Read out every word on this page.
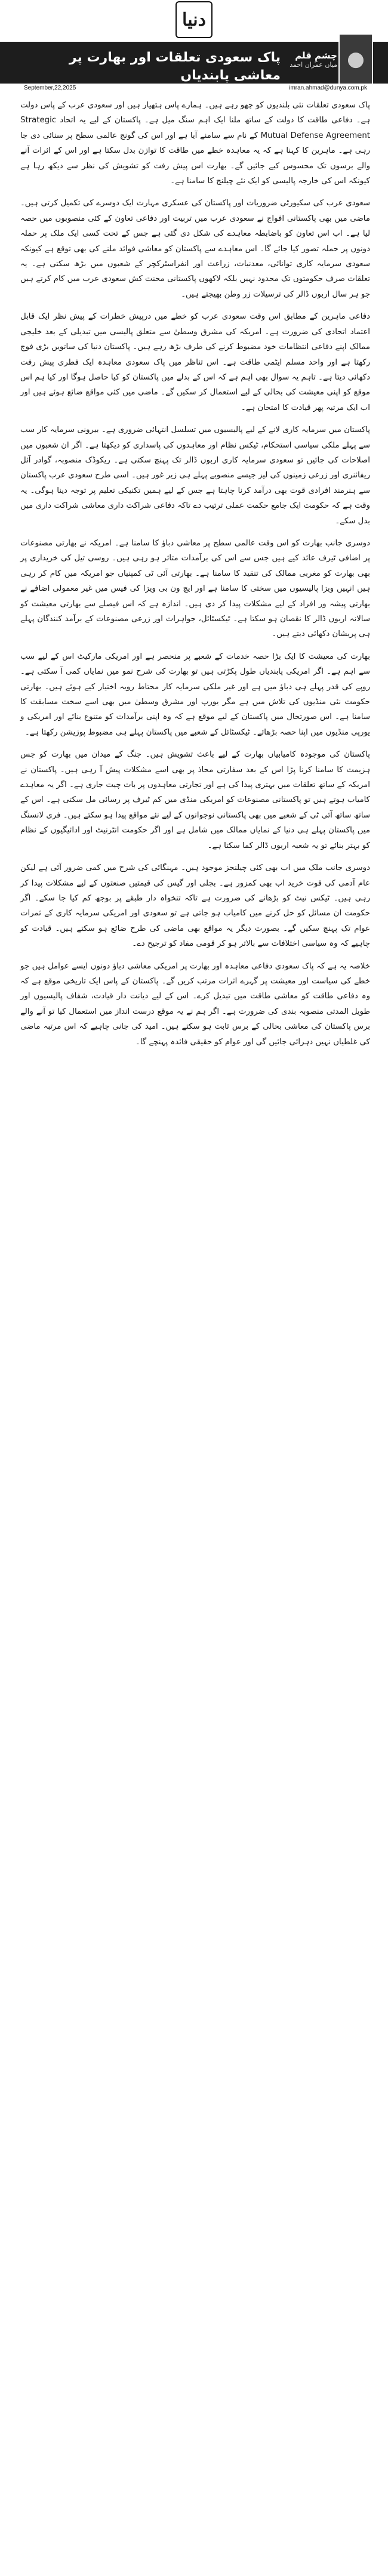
دنیا
پاک سعودی تعلقات اور بھارت پر معاشی پابندیاں
چشمِ قلم
میاں عمران احمد ●
September,22,2025	imran.ahmad@dunya.com.pk

پاک سعودی تعلقات نئی بلندیوں کو چھو رہے ہیں۔ ہمارے پاس ہتھیار ہیں اور سعودی عرب کے پاس دولت ہے۔ دفاعی طاقت کا دولت کے ساتھ ملنا ایک اہم سنگ میل ہے۔ پاکستان کے لیے یہ اتحاد Strategic Mutual Defense Agreement کے نام سے سامنے آیا ہے اور اس کی گونج عالمی سطح پر سنائی دی جا رہی ہے۔ ماہرین کا کہنا ہے کہ یہ معاہدہ خطے میں طاقت کا توازن بدل سکتا ہے اور اس کے اثرات آنے والے برسوں تک محسوس کیے جائیں گے۔ بھارت اس پیش رفت کو تشویش کی نظر سے دیکھ رہا ہے کیونکہ اس کی خارجہ پالیسی کو ایک نئے چیلنج کا سامنا ہے۔

سعودی عرب کی سکیورٹی ضروریات اور پاکستان کی عسکری مہارت ایک دوسرے کی تکمیل کرتی ہیں۔ ماضی میں بھی پاکستانی افواج نے سعودی عرب میں تربیت اور دفاعی تعاون کے کئی منصوبوں میں حصہ لیا ہے۔ اب اس تعاون کو باضابطہ معاہدے کی شکل دی گئی ہے جس کے تحت کسی ایک ملک پر حملہ دونوں پر حملہ تصور کیا جائے گا۔ اس معاہدے سے پاکستان کو معاشی فوائد ملنے کی بھی توقع ہے کیونکہ سعودی سرمایہ کاری توانائی، معدنیات، زراعت اور انفراسٹرکچر کے شعبوں میں بڑھ سکتی ہے۔ یہ تعلقات صرف حکومتوں تک محدود نہیں بلکہ لاکھوں پاکستانی محنت کش سعودی عرب میں کام کرتے ہیں جو ہر سال اربوں ڈالر کی ترسیلات زر وطن بھیجتے ہیں۔

دفاعی ماہرین کے مطابق اس وقت سعودی عرب کو خطے میں درپیش خطرات کے پیش نظر ایک قابل اعتماد اتحادی کی ضرورت ہے۔ امریکہ کی مشرق وسطیٰ سے متعلق پالیسی میں تبدیلی کے بعد خلیجی ممالک اپنے دفاعی انتظامات خود مضبوط کرنے کی طرف بڑھ رہے ہیں۔ پاکستان دنیا کی ساتویں بڑی فوج رکھتا ہے اور واحد مسلم ایٹمی طاقت ہے۔ اس تناظر میں پاک سعودی معاہدہ ایک فطری پیش رفت دکھائی دیتا ہے۔ تاہم یہ سوال بھی اہم ہے کہ اس کے بدلے میں پاکستان کو کیا حاصل ہوگا اور کیا ہم اس موقع کو اپنی معیشت کی بحالی کے لیے استعمال کر سکیں گے۔ ماضی میں کئی مواقع ضائع ہوئے ہیں اور اب ایک مرتبہ پھر قیادت کا امتحان ہے۔

پاکستان میں سرمایہ کاری لانے کے لیے پالیسیوں میں تسلسل انتہائی ضروری ہے۔ بیرونی سرمایہ کار سب سے پہلے ملکی سیاسی استحکام، ٹیکس نظام اور معاہدوں کی پاسداری کو دیکھتا ہے۔ اگر ان شعبوں میں اصلاحات کی جائیں تو سعودی سرمایہ کاری اربوں ڈالر تک پہنچ سکتی ہے۔ ریکوڈک منصوبہ، گوادر آئل ریفائنری اور زرعی زمینوں کی لیز جیسے منصوبے پہلے ہی زیر غور ہیں۔ اسی طرح سعودی عرب پاکستان سے ہنرمند افرادی قوت بھی درآمد کرنا چاہتا ہے جس کے لیے ہمیں تکنیکی تعلیم پر توجہ دینا ہوگی۔ یہ وقت ہے کہ حکومت ایک جامع حکمت عملی ترتیب دے تاکہ دفاعی شراکت داری معاشی شراکت داری میں بدل سکے۔

دوسری جانب بھارت کو اس وقت عالمی سطح پر معاشی دباؤ کا سامنا ہے۔ امریکہ نے بھارتی مصنوعات پر اضافی ٹیرف عائد کیے ہیں جس سے اس کی برآمدات متاثر ہو رہی ہیں۔ روسی تیل کی خریداری پر بھی بھارت کو مغربی ممالک کی تنقید کا سامنا ہے۔ بھارتی آئی ٹی کمپنیاں جو امریکہ میں کام کر رہی ہیں انہیں ویزا پالیسیوں میں سختی کا سامنا ہے اور ایچ ون بی ویزا کی فیس میں غیر معمولی اضافے نے بھارتی پیشہ ور افراد کے لیے مشکلات پیدا کر دی ہیں۔ اندازہ ہے کہ اس فیصلے سے بھارتی معیشت کو سالانہ اربوں ڈالر کا نقصان ہو سکتا ہے۔ ٹیکسٹائل، جواہرات اور زرعی مصنوعات کے برآمد کنندگان پہلے ہی پریشان دکھائی دیتے ہیں۔

بھارت کی معیشت کا ایک بڑا حصہ خدمات کے شعبے پر منحصر ہے اور امریکی مارکیٹ اس کے لیے سب سے اہم ہے۔ اگر امریکی پابندیاں طول پکڑتی ہیں تو بھارت کی شرح نمو میں نمایاں کمی آ سکتی ہے۔ روپے کی قدر پہلے ہی دباؤ میں ہے اور غیر ملکی سرمایہ کار محتاط رویہ اختیار کیے ہوئے ہیں۔ بھارتی حکومت نئی منڈیوں کی تلاش میں ہے مگر یورپ اور مشرق وسطیٰ میں بھی اسے سخت مسابقت کا سامنا ہے۔ اس صورتحال میں پاکستان کے لیے موقع ہے کہ وہ اپنی برآمدات کو متنوع بنائے اور امریکی و یورپی منڈیوں میں اپنا حصہ بڑھائے۔ ٹیکسٹائل کے شعبے میں پاکستان پہلے ہی مضبوط پوزیشن رکھتا ہے۔

پاکستان کی موجودہ کامیابیاں بھارت کے لیے باعث تشویش ہیں۔ جنگ کے میدان میں بھارت کو جس ہزیمت کا سامنا کرنا پڑا اس کے بعد سفارتی محاذ پر بھی اسے مشکلات پیش آ رہی ہیں۔ پاکستان نے امریکہ کے ساتھ تعلقات میں بہتری پیدا کی ہے اور تجارتی معاہدوں پر بات چیت جاری ہے۔ اگر یہ معاہدے کامیاب ہوتے ہیں تو پاکستانی مصنوعات کو امریکی منڈی میں کم ٹیرف پر رسائی مل سکتی ہے۔ اس کے ساتھ ساتھ آئی ٹی کے شعبے میں بھی پاکستانی نوجوانوں کے لیے نئے مواقع پیدا ہو سکتے ہیں۔ فری لانسنگ میں پاکستان پہلے ہی دنیا کے نمایاں ممالک میں شامل ہے اور اگر حکومت انٹرنیٹ اور ادائیگیوں کے نظام کو بہتر بنائے تو یہ شعبہ اربوں ڈالر کما سکتا ہے۔

دوسری جانب ملک میں اب بھی کئی چیلنجز موجود ہیں۔ مہنگائی کی شرح میں کمی ضرور آئی ہے لیکن عام آدمی کی قوت خرید اب بھی کمزور ہے۔ بجلی اور گیس کی قیمتیں صنعتوں کے لیے مشکلات پیدا کر رہی ہیں۔ ٹیکس نیٹ کو بڑھانے کی ضرورت ہے تاکہ تنخواہ دار طبقے پر بوجھ کم کیا جا سکے۔ اگر حکومت ان مسائل کو حل کرنے میں کامیاب ہو جاتی ہے تو سعودی اور امریکی سرمایہ کاری کے ثمرات عوام تک پہنچ سکیں گے۔ بصورت دیگر یہ مواقع بھی ماضی کی طرح ضائع ہو سکتے ہیں۔ قیادت کو چاہیے کہ وہ سیاسی اختلافات سے بالاتر ہو کر قومی مفاد کو ترجیح دے۔

خلاصہ یہ ہے کہ پاک سعودی دفاعی معاہدہ اور بھارت پر امریکی معاشی دباؤ دونوں ایسے عوامل ہیں جو خطے کی سیاست اور معیشت پر گہرے اثرات مرتب کریں گے۔ پاکستان کے پاس ایک تاریخی موقع ہے کہ وہ دفاعی طاقت کو معاشی طاقت میں تبدیل کرے۔ اس کے لیے دیانت دار قیادت، شفاف پالیسیوں اور طویل المدتی منصوبہ بندی کی ضرورت ہے۔ اگر ہم نے یہ موقع درست انداز میں استعمال کیا تو آنے والے برس پاکستان کی معاشی بحالی کے برس ثابت ہو سکتے ہیں۔ امید کی جانی چاہیے کہ اس مرتبہ ماضی کی غلطیاں نہیں دہرائی جائیں گی اور عوام کو حقیقی فائدہ پہنچے گا۔
